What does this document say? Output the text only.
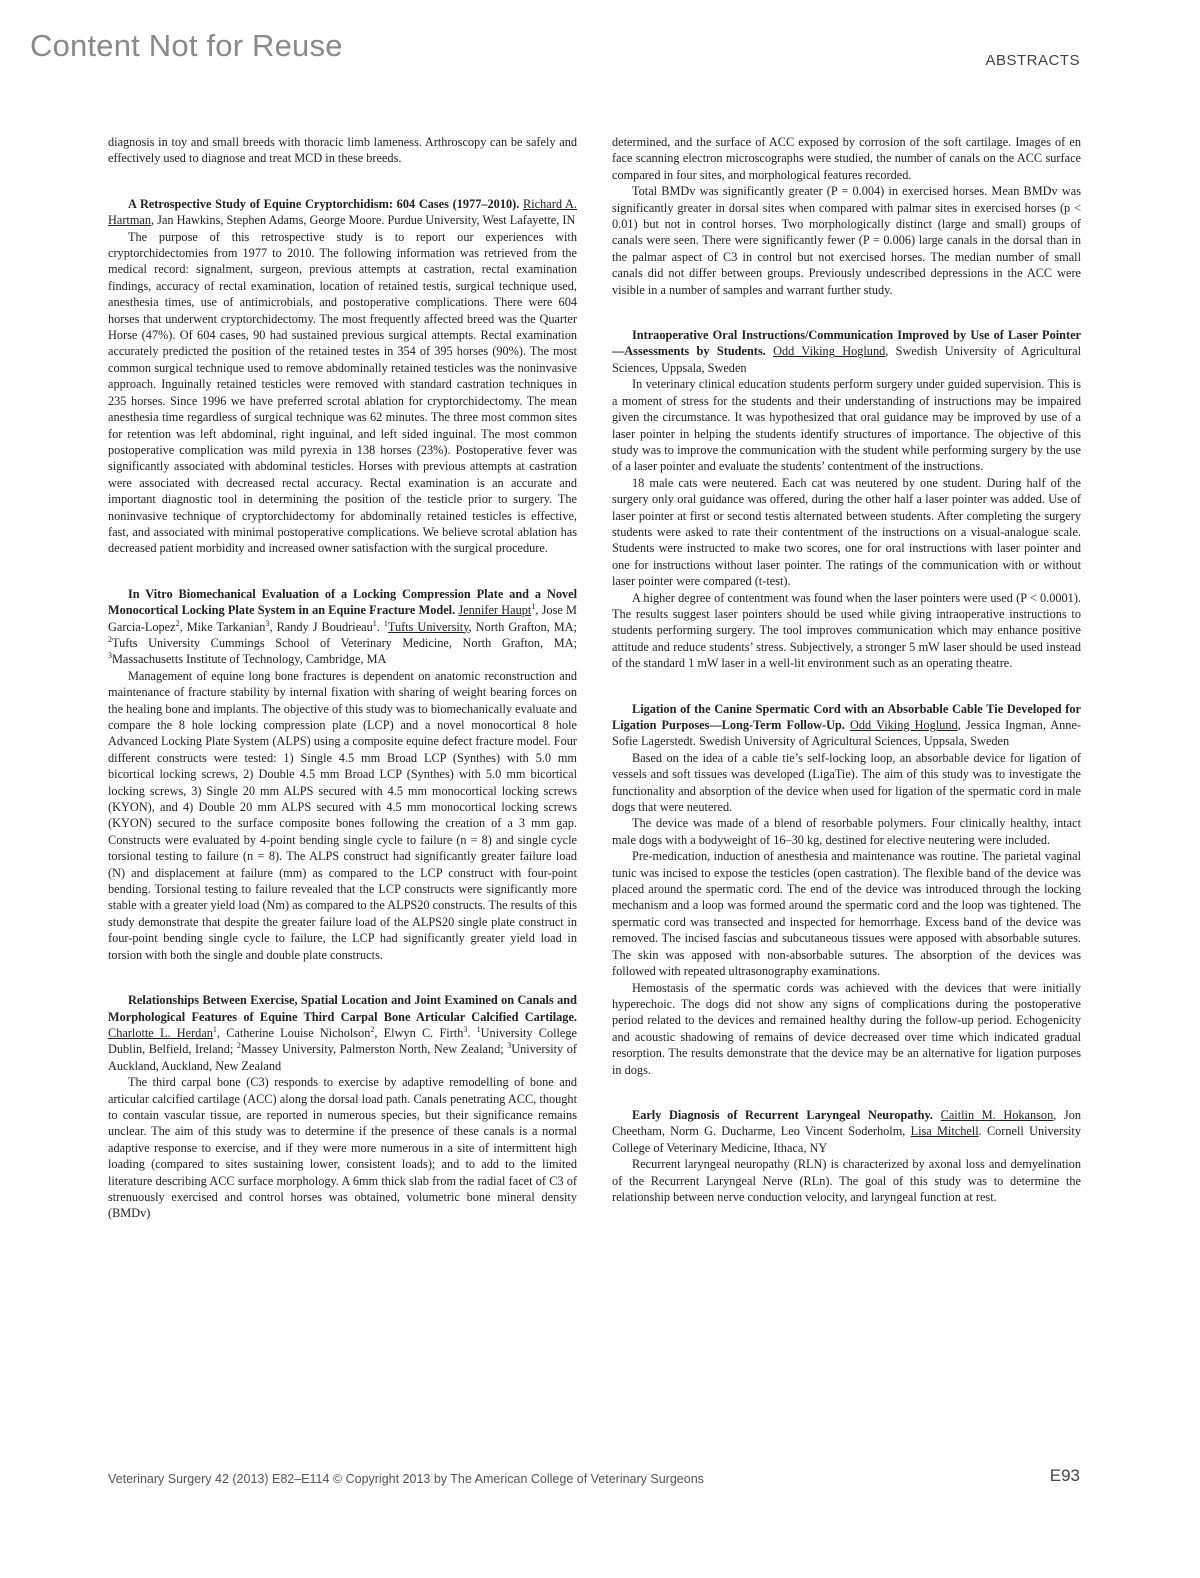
Content Not for Reuse	ABSTRACTS

diagnosis in toy and small breeds with thoracic limb lameness. Arthroscopy can be safely and effectively used to diagnose and treat MCD in these breeds.

A Retrospective Study of Equine Cryptorchidism: 604 Cases (1977–2010). Richard A. Hartman, Jan Hawkins, Stephen Adams, George Moore. Purdue University, West Lafayette, IN

The purpose of this retrospective study is to report our experiences with cryptorchidectomies from 1977 to 2010. The following information was retrieved from the medical record: signalment, surgeon, previous attempts at castration, rectal examination findings, accuracy of rectal examination, location of retained testis, surgical technique used, anesthesia times, use of antimicrobials, and postoperative complications. There were 604 horses that underwent cryptorchidectomy. The most frequently affected breed was the Quarter Horse (47%). Of 604 cases, 90 had sustained previous surgical attempts. Rectal examination accurately predicted the position of the retained testes in 354 of 395 horses (90%). The most common surgical technique used to remove abdominally retained testicles was the noninvasive approach. Inguinally retained testicles were removed with standard castration techniques in 235 horses. Since 1996 we have preferred scrotal ablation for cryptorchidectomy. The mean anesthesia time regardless of surgical technique was 62 minutes. The three most common sites for retention was left abdominal, right inguinal, and left sided inguinal. The most common postoperative complication was mild pyrexia in 138 horses (23%). Postoperative fever was significantly associated with abdominal testicles. Horses with previous attempts at castration were associated with decreased rectal accuracy. Rectal examination is an accurate and important diagnostic tool in determining the position of the testicle prior to surgery. The noninvasive technique of cryptorchidectomy for abdominally retained testicles is effective, fast, and associated with minimal postoperative complications. We believe scrotal ablation has decreased patient morbidity and increased owner satisfaction with the surgical procedure.

In Vitro Biomechanical Evaluation of a Locking Compression Plate and a Novel Monocortical Locking Plate System in an Equine Fracture Model. Jennifer Haupt$^1$, Jose M Garcia-Lopez$^2$, Mike Tarkanian$^3$, Randy J Boudrieau$^1$. $^1$Tufts University, North Grafton, MA; $^2$Tufts University Cummings School of Veterinary Medicine, North Grafton, MA; $^3$Massachusetts Institute of Technology, Cambridge, MA

Management of equine long bone fractures is dependent on anatomic reconstruction and maintenance of fracture stability by internal fixation with sharing of weight bearing forces on the healing bone and implants. The objective of this study was to biomechanically evaluate and compare the 8 hole locking compression plate (LCP) and a novel monocortical 8 hole Advanced Locking Plate System (ALPS) using a composite equine defect fracture model. Four different constructs were tested: 1) Single 4.5 mm Broad LCP (Synthes) with 5.0 mm bicortical locking screws, 2) Double 4.5 mm Broad LCP (Synthes) with 5.0 mm bicortical locking screws, 3) Single 20 mm ALPS secured with 4.5 mm monocortical locking screws (KYON), and 4) Double 20 mm ALPS secured with 4.5 mm monocortical locking screws (KYON) secured to the surface composite bones following the creation of a 3 mm gap. Constructs were evaluated by 4-point bending single cycle to failure (n = 8) and single cycle torsional testing to failure (n = 8). The ALPS construct had significantly greater failure load (N) and displacement at failure (mm) as compared to the LCP construct with four-point bending. Torsional testing to failure revealed that the LCP constructs were significantly more stable with a greater yield load (Nm) as compared to the ALPS20 constructs. The results of this study demonstrate that despite the greater failure load of the ALPS20 single plate construct in four-point bending single cycle to failure, the LCP had significantly greater yield load in torsion with both the single and double plate constructs.

Relationships Between Exercise, Spatial Location and Joint Examined on Canals and Morphological Features of Equine Third Carpal Bone Articular Calcified Cartilage. Charlotte L. Herdan$^1$, Catherine Louise Nicholson$^2$, Elwyn C. Firth$^3$. $^1$University College Dublin, Belfield, Ireland; $^2$Massey University, Palmerston North, New Zealand; $^3$University of Auckland, Auckland, New Zealand

The third carpal bone (C3) responds to exercise by adaptive remodelling of bone and articular calcified cartilage (ACC) along the dorsal load path. Canals penetrating ACC, thought to contain vascular tissue, are reported in numerous species, but their significance remains unclear. The aim of this study was to determine if the presence of these canals is a normal adaptive response to exercise, and if they were more numerous in a site of intermittent high loading (compared to sites sustaining lower, consistent loads); and to add to the limited literature describing ACC surface morphology. A 6mm thick slab from the radial facet of C3 of strenuously exercised and control horses was obtained, volumetric bone mineral density (BMDv)

determined, and the surface of ACC exposed by corrosion of the soft cartilage. Images of en face scanning electron microscographs were studied, the number of canals on the ACC surface compared in four sites, and morphological features recorded.

Total BMDv was significantly greater (P = 0.004) in exercised horses. Mean BMDv was significantly greater in dorsal sites when compared with palmar sites in exercised horses (p < 0.01) but not in control horses. Two morphologically distinct (large and small) groups of canals were seen. There were significantly fewer (P = 0.006) large canals in the dorsal than in the palmar aspect of C3 in control but not exercised horses. The median number of small canals did not differ between groups. Previously undescribed depressions in the ACC were visible in a number of samples and warrant further study.

Intraoperative Oral Instructions/Communication Improved by Use of Laser Pointer—Assessments by Students. Odd Viking Hoglund, Swedish University of Agricultural Sciences, Uppsala, Sweden

In veterinary clinical education students perform surgery under guided supervision. This is a moment of stress for the students and their understanding of instructions may be impaired given the circumstance. It was hypothesized that oral guidance may be improved by use of a laser pointer in helping the students identify structures of importance. The objective of this study was to improve the communication with the student while performing surgery by the use of a laser pointer and evaluate the students’ contentment of the instructions.

18 male cats were neutered. Each cat was neutered by one student. During half of the surgery only oral guidance was offered, during the other half a laser pointer was added. Use of laser pointer at first or second testis alternated between students. After completing the surgery students were asked to rate their contentment of the instructions on a visual-analogue scale. Students were instructed to make two scores, one for oral instructions with laser pointer and one for instructions without laser pointer. The ratings of the communication with or without laser pointer were compared (t-test).

A higher degree of contentment was found when the laser pointers were used (P < 0.0001). The results suggest laser pointers should be used while giving intraoperative instructions to students performing surgery. The tool improves communication which may enhance positive attitude and reduce students’ stress. Subjectively, a stronger 5 mW laser should be used instead of the standard 1 mW laser in a well-lit environment such as an operating theatre.

Ligation of the Canine Spermatic Cord with an Absorbable Cable Tie Developed for Ligation Purposes—Long-Term Follow-Up. Odd Viking Hoglund, Jessica Ingman, Anne-Sofie Lagerstedt. Swedish University of Agricultural Sciences, Uppsala, Sweden

Based on the idea of a cable tie’s self-locking loop, an absorbable device for ligation of vessels and soft tissues was developed (LigaTie). The aim of this study was to investigate the functionality and absorption of the device when used for ligation of the spermatic cord in male dogs that were neutered.

The device was made of a blend of resorbable polymers. Four clinically healthy, intact male dogs with a bodyweight of 16–30 kg, destined for elective neutering were included.

Pre-medication, induction of anesthesia and maintenance was routine. The parietal vaginal tunic was incised to expose the testicles (open castration). The flexible band of the device was placed around the spermatic cord. The end of the device was introduced through the locking mechanism and a loop was formed around the spermatic cord and the loop was tightened. The spermatic cord was transected and inspected for hemorrhage. Excess band of the device was removed. The incised fascias and subcutaneous tissues were apposed with absorbable sutures. The skin was apposed with non-absorbable sutures. The absorption of the devices was followed with repeated ultrasonography examinations.

Hemostasis of the spermatic cords was achieved with the devices that were initially hyperechoic. The dogs did not show any signs of complications during the postoperative period related to the devices and remained healthy during the follow-up period. Echogenicity and acoustic shadowing of remains of device decreased over time which indicated gradual resorption. The results demonstrate that the device may be an alternative for ligation purposes in dogs.

Early Diagnosis of Recurrent Laryngeal Neuropathy. Caitlin M. Hokanson, Jon Cheetham, Norm G. Ducharme, Leo Vincent Soderholm, Lisa Mitchell. Cornell University College of Veterinary Medicine, Ithaca, NY

Recurrent laryngeal neuropathy (RLN) is characterized by axonal loss and demyelination of the Recurrent Laryngeal Nerve (RLn). The goal of this study was to determine the relationship between nerve conduction velocity, and laryngeal function at rest.

Veterinary Surgery 42 (2013) E82–E114 © Copyright 2013 by The American College of Veterinary Surgeons	E93
